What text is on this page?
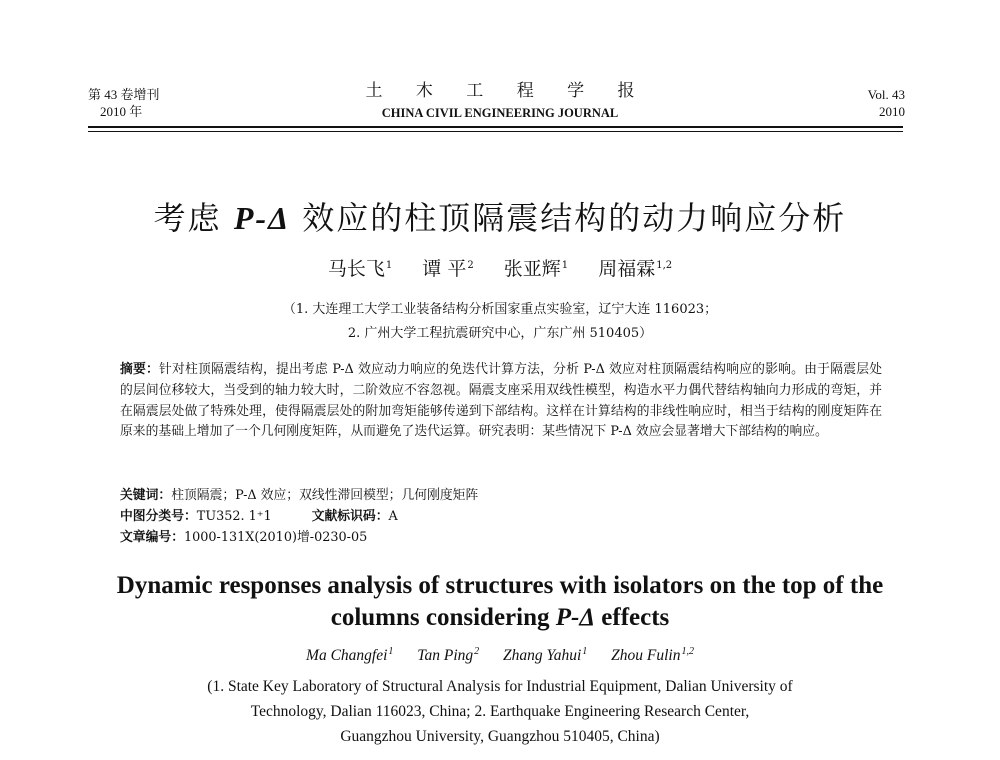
第 43 卷增刊
2010 年
土 木 工 程 学 报
CHINA CIVIL ENGINEERING JOURNAL
Vol. 43
2010
考虑 P-Δ 效应的柱顶隔震结构的动力响应分析
马长飞$^1$ 谭 平$^2$ 张亚辉$^1$ 周福霖$^{1,2}$
（1. 大连理工大学工业装备结构分析国家重点实验室，辽宁大连 116023；
2. 广州大学工程抗震研究中心，广东广州 510405）
摘要：针对柱顶隔震结构，提出考虑 P-Δ 效应动力响应的免迭代计算方法，分析 P-Δ 效应对柱顶隔震结构响应的影响。由于隔震层处的层间位移较大，当受到的轴力较大时，二阶效应不容忽视。隔震支座采用双线性模型，构造水平力偶代替结构轴向力形成的弯矩，并在隔震层处做了特殊处理，使得隔震层处的附加弯矩能够传递到下部结构。这样在计算结构的非线性响应时，相当于结构的刚度矩阵在原来的基础上增加了一个几何刚度矩阵，从而避免了迭代运算。研究表明：某些情况下 P-Δ 效应会显著增大下部结构的响应。
关键词：柱顶隔震；P-Δ 效应；双线性滞回模型；几何刚度矩阵
中图分类号：TU352. 1⁺1	文献标识码：A
文章编号：1000-131X(2010)增-0230-05
Dynamic responses analysis of structures with isolators on the top of the
columns considering P-Δ effects
Ma Changfei$^1$ Tan Ping$^2$ Zhang Yahui$^1$ Zhou Fulin$^{1,2}$
(1. State Key Laboratory of Structural Analysis for Industrial Equipment, Dalian University of
Technology, Dalian 116023, China; 2. Earthquake Engineering Research Center,
Guangzhou University, Guangzhou 510405, China)
